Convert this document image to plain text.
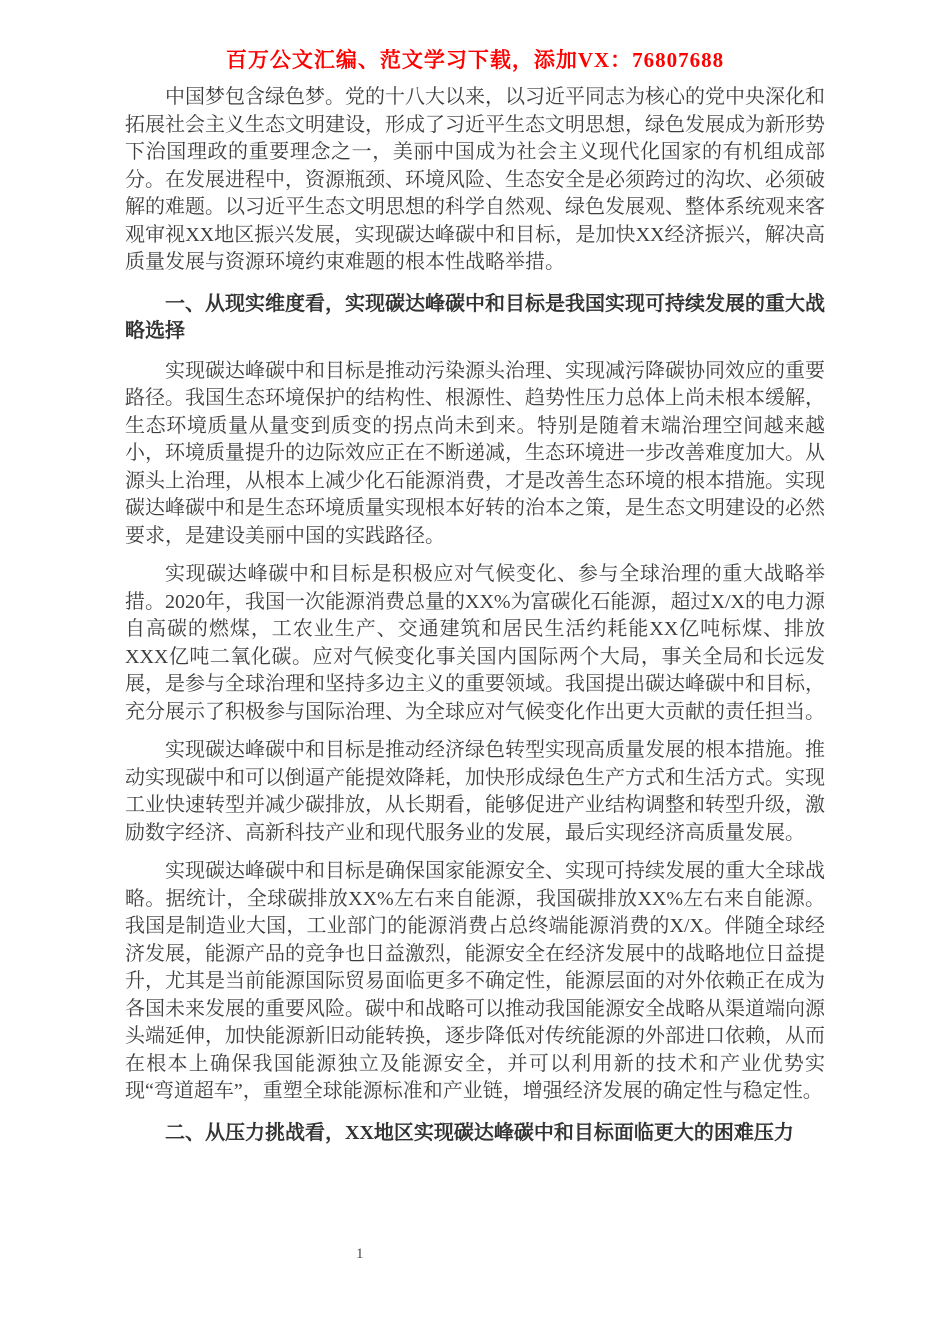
百万公文汇编、范文学习下载，添加VX：76807688

中国梦包含绿色梦。党的十八大以来，以习近平同志为核心的党中央深化和拓展社会主义生态文明建设，形成了习近平生态文明思想，绿色发展成为新形势下治国理政的重要理念之一，美丽中国成为社会主义现代化国家的有机组成部分。在发展进程中，资源瓶颈、环境风险、生态安全是必须跨过的沟坎、必须破解的难题。以习近平生态文明思想的科学自然观、绿色发展观、整体系统观来客观审视XX地区振兴发展，实现碳达峰碳中和目标，是加快XX经济振兴，解决高质量发展与资源环境约束难题的根本性战略举措。

一、从现实维度看，实现碳达峰碳中和目标是我国实现可持续发展的重大战略选择

实现碳达峰碳中和目标是推动污染源头治理、实现减污降碳协同效应的重要路径。我国生态环境保护的结构性、根源性、趋势性压力总体上尚未根本缓解，生态环境质量从量变到质变的拐点尚未到来。特别是随着末端治理空间越来越小，环境质量提升的边际效应正在不断递减，生态环境进一步改善难度加大。从源头上治理，从根本上减少化石能源消费，才是改善生态环境的根本措施。实现碳达峰碳中和是生态环境质量实现根本好转的治本之策，是生态文明建设的必然要求，是建设美丽中国的实践路径。

实现碳达峰碳中和目标是积极应对气候变化、参与全球治理的重大战略举措。2020年，我国一次能源消费总量的XX%为富碳化石能源，超过X/X的电力源自高碳的燃煤，工农业生产、交通建筑和居民生活约耗能XX亿吨标煤、排放XXX亿吨二氧化碳。应对气候变化事关国内国际两个大局，事关全局和长远发展，是参与全球治理和坚持多边主义的重要领域。我国提出碳达峰碳中和目标，充分展示了积极参与国际治理、为全球应对气候变化作出更大贡献的责任担当。

实现碳达峰碳中和目标是推动经济绿色转型实现高质量发展的根本措施。推动实现碳中和可以倒逼产能提效降耗，加快形成绿色生产方式和生活方式。实现工业快速转型并减少碳排放，从长期看，能够促进产业结构调整和转型升级，激励数字经济、高新科技产业和现代服务业的发展，最后实现经济高质量发展。

实现碳达峰碳中和目标是确保国家能源安全、实现可持续发展的重大全球战略。据统计，全球碳排放XX%左右来自能源，我国碳排放XX%左右来自能源。我国是制造业大国，工业部门的能源消费占总终端能源消费的X/X。伴随全球经济发展，能源产品的竞争也日益激烈，能源安全在经济发展中的战略地位日益提升，尤其是当前能源国际贸易面临更多不确定性，能源层面的对外依赖正在成为各国未来发展的重要风险。碳中和战略可以推动我国能源安全战略从渠道端向源头端延伸，加快能源新旧动能转换，逐步降低对传统能源的外部进口依赖，从而在根本上确保我国能源独立及能源安全，并可以利用新的技术和产业优势实现“弯道超车”，重塑全球能源标准和产业链，增强经济发展的确定性与稳定性。

二、从压力挑战看，XX地区实现碳达峰碳中和目标面临更大的困难压力
1
